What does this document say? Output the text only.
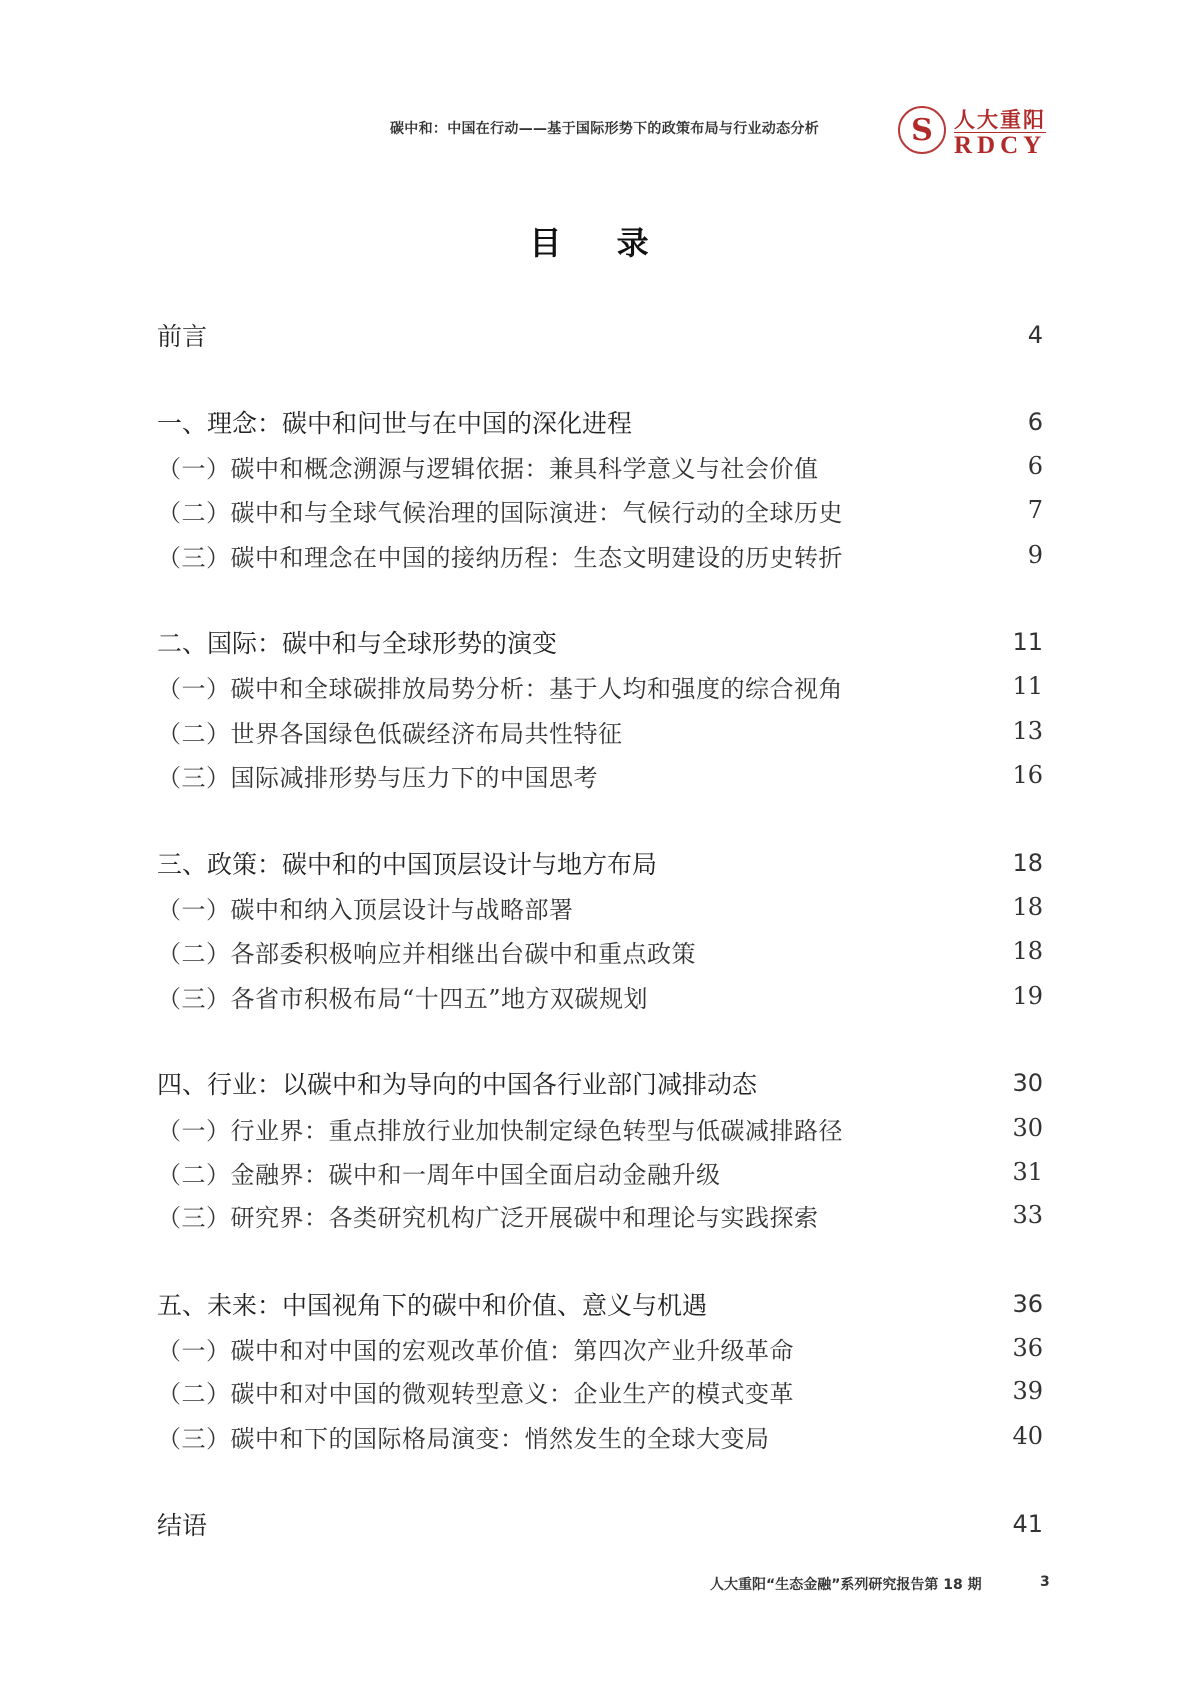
碳中和：中国在行动——基于国际形势下的政策布局与行业动态分析	S	人大重阳
RDCY
目 录
前言	4
一、理念：碳中和问世与在中国的深化进程	6
（一）碳中和概念溯源与逻辑依据：兼具科学意义与社会价值	6
（二）碳中和与全球气候治理的国际演进：气候行动的全球历史	7
（三）碳中和理念在中国的接纳历程：生态文明建设的历史转折	9
二、国际：碳中和与全球形势的演变	11
（一）碳中和全球碳排放局势分析：基于人均和强度的综合视角	11
（二）世界各国绿色低碳经济布局共性特征	13
（三）国际减排形势与压力下的中国思考	16
三、政策：碳中和的中国顶层设计与地方布局	18
（一）碳中和纳入顶层设计与战略部署	18
（二）各部委积极响应并相继出台碳中和重点政策	18
（三）各省市积极布局“十四五”地方双碳规划	19
四、行业：以碳中和为导向的中国各行业部门减排动态	30
（一）行业界：重点排放行业加快制定绿色转型与低碳减排路径	30
（二）金融界：碳中和一周年中国全面启动金融升级	31
（三）研究界：各类研究机构广泛开展碳中和理论与实践探索	33
五、未来：中国视角下的碳中和价值、意义与机遇	36
（一）碳中和对中国的宏观改革价值：第四次产业升级革命	36
（二）碳中和对中国的微观转型意义：企业生产的模式变革	39
（三）碳中和下的国际格局演变：悄然发生的全球大变局	40
结语	41
人大重阳“生态金融”系列研究报告第 18 期	3
